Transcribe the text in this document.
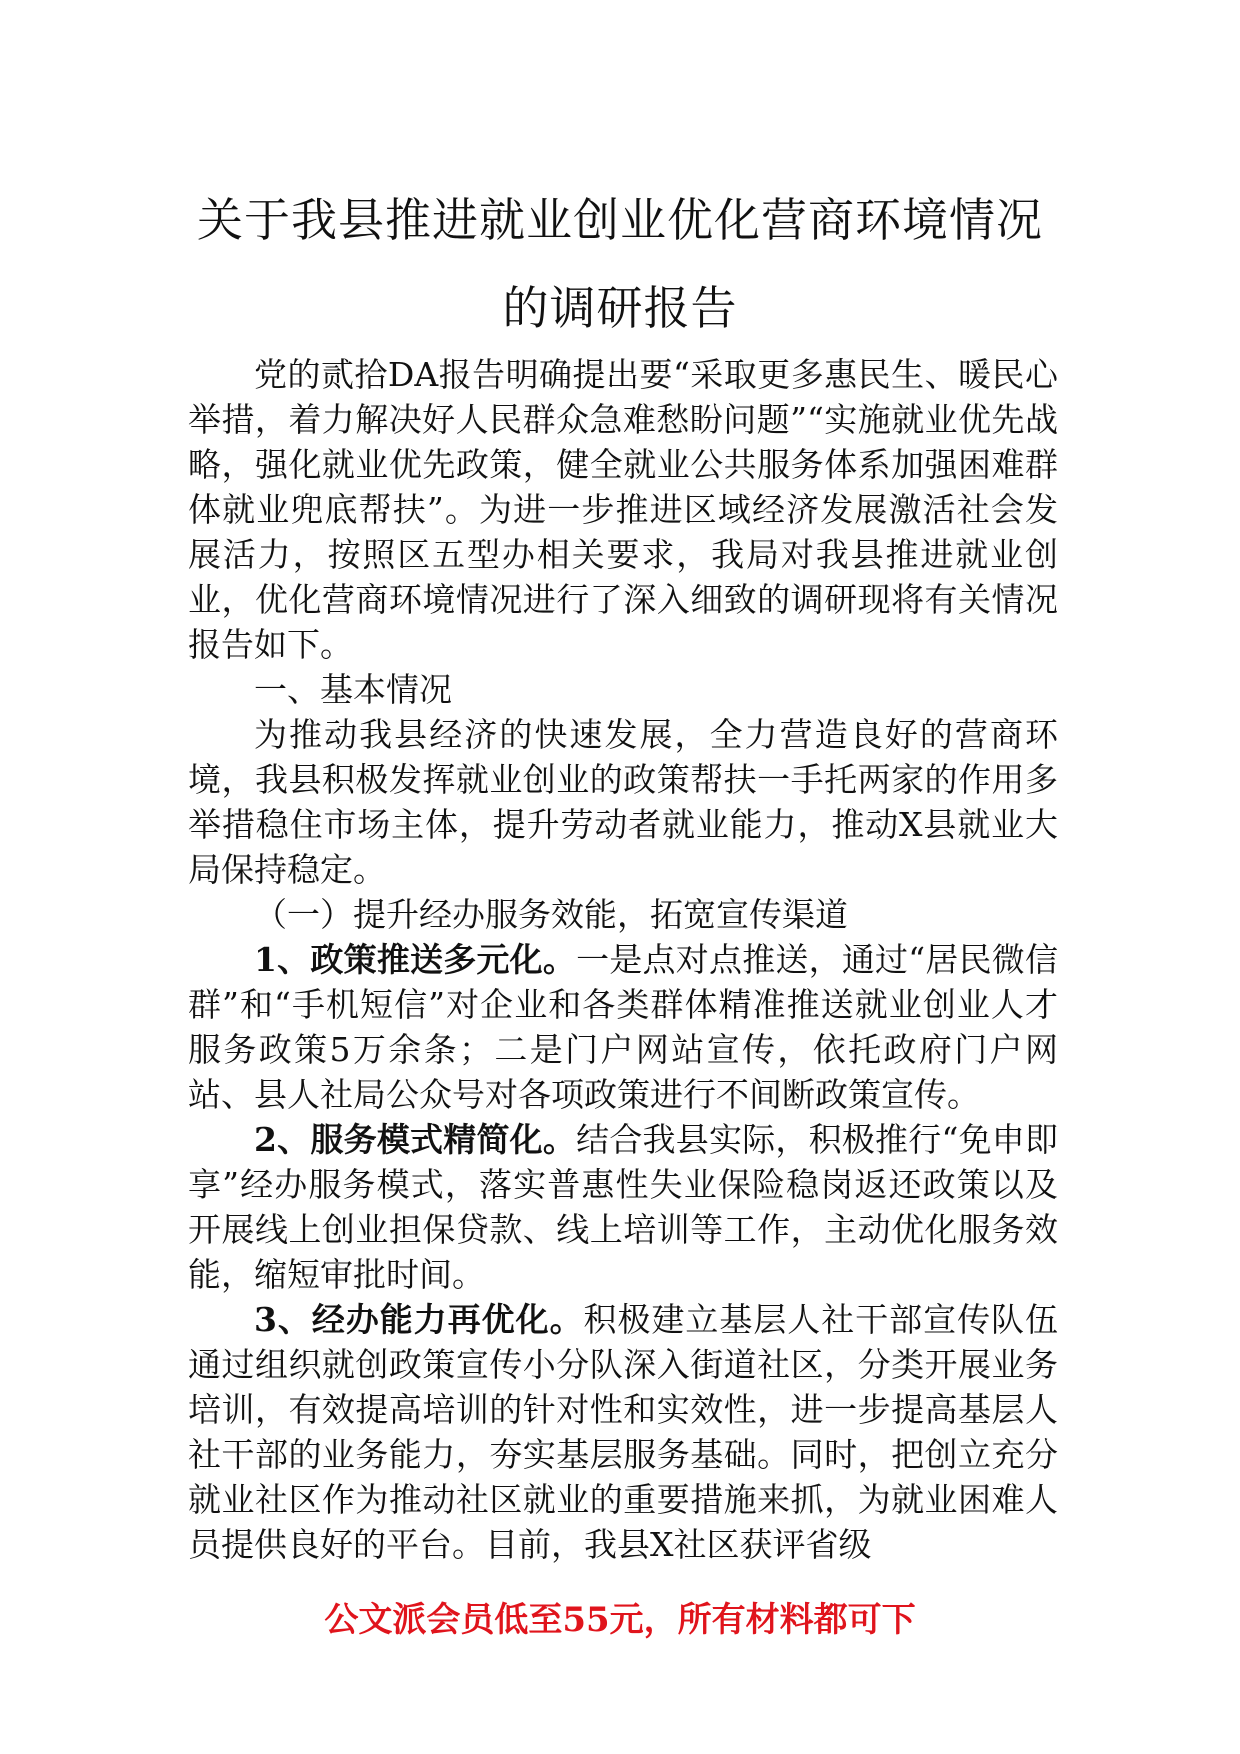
关于我县推进就业创业优化营商环境情况
的调研报告

党的贰拾DA报告明确提出要“采取更多惠民生、暖民心举措，着力解决好人民群众急难愁盼问题”“实施就业优先战略，强化就业优先政策，健全就业公共服务体系加强困难群体就业兜底帮扶”。为进一步推进区域经济发展激活社会发展活力，按照区五型办相关要求，我局对我县推进就业创业，优化营商环境情况进行了深入细致的调研现将有关情况报告如下。

一、基本情况

为推动我县经济的快速发展，全力营造良好的营商环境，我县积极发挥就业创业的政策帮扶一手托两家的作用多举措稳住市场主体，提升劳动者就业能力，推动X县就业大局保持稳定。

（一）提升经办服务效能，拓宽宣传渠道

1、政策推送多元化。一是点对点推送，通过“居民微信群”和“手机短信”对企业和各类群体精准推送就业创业人才服务政策5万余条；二是门户网站宣传，依托政府门户网站、县人社局公众号对各项政策进行不间断政策宣传。

2、服务模式精简化。结合我县实际，积极推行“免申即享”经办服务模式，落实普惠性失业保险稳岗返还政策以及开展线上创业担保贷款、线上培训等工作，主动优化服务效能，缩短审批时间。

3、经办能力再优化。积极建立基层人社干部宣传队伍通过组织就创政策宣传小分队深入街道社区，分类开展业务培训，有效提高培训的针对性和实效性，进一步提高基层人社干部的业务能力，夯实基层服务基础。同时，把创立充分就业社区作为推动社区就业的重要措施来抓，为就业困难人员提供良好的平台。目前，我县X社区获评省级

公文派会员低至55元，所有材料都可下
